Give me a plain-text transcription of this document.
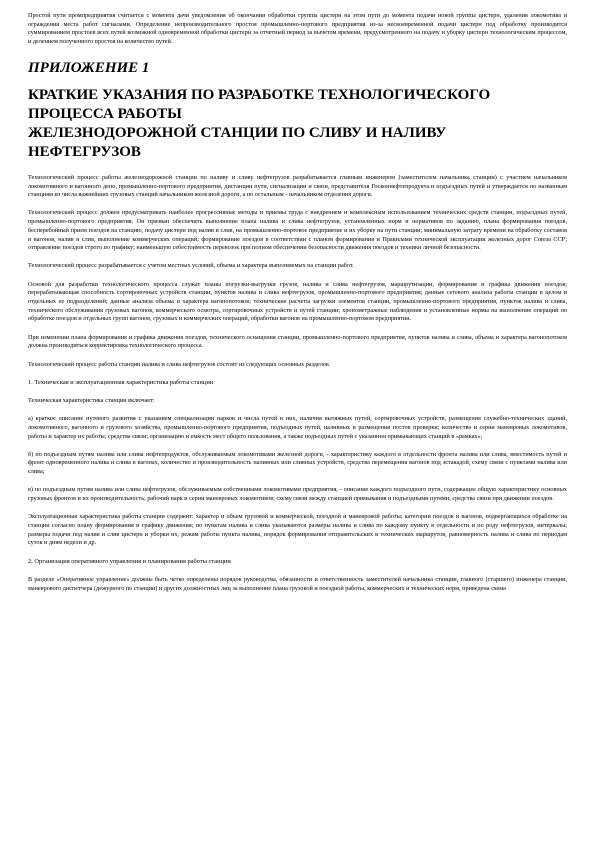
Простой пути промпредприятия считается с момента дачи уведомления об окончании обработки группы цистерн на этом пути до момента подачи новой группы цистерн, удаления локомотива и ограждения места работ сигналами. Определение непроизводительного простоя промышленно-портового предприятия из-за несвоевременной подачи цистерн под обработку производится суммированием простоев всех путей возможной одновременной обработки цистерн за отчетный период за вычетом времени, предусмотренного на подачу и уборку цистерн технологическим процессом, и делением полученного простоя на количество путей.

ПРИЛОЖЕНИЕ 1
КРАТКИЕ УКАЗАНИЯ ПО РАЗРАБОТКЕ ТЕХНОЛОГИЧЕСКОГО
ПРОЦЕССА РАБОТЫ
ЖЕЛЕЗНОДОРОЖНОЙ СТАНЦИИ ПО СЛИВУ И НАЛИВУ
НЕФТЕГРУЗОВ

Технологический процесс работы железнодорожной станции по наливу и сливу нефтегрузов разрабатывается главным инженером (заместителем начальника станции) с участием начальников локомотивного и вагонного депо, промышленно-портового предприятия, дистанции пути, сигнализации и связи, представителя Госконнефтепродукта и подъездных путей и утверждается по названным станциям из числа важнейших грузовых станций начальником железной дороги, а по остальным - начальником отделения дороги.

Технологический процесс должен предусматривать наиболее прогрессивные методы и приемы труда с внедрением и комплексным использованием технических средств станции, подъездных путей, промышленно-портового предприятия. Он призван обеспечить выполнение плана налива и слива нефтегрузов, установленных норм и нормативов по заданию, плана формирования поездов, бесперебойный прием поездов на станцию, подачу цистерн под налив и слив, на промышленно-портовое предприятие и их уборку на пути станции; минимальную затрату времени на обработку составов и вагонов, налив и слив, выполнение коммерческих операций; формирование поездов в соответствии с планом формирования и Правилами технической эксплуатации железных дорог Союза ССР; отправление поездов строго по графику; наименьшую себестоимость перевозок при полном обеспечении безопасности движения поездов и техники личной безопасности.

Технологический процесс разрабатывается с учетом местных условий, объема и характера выполняемых на станции работ.

Основой для разработки технологического процесса служат планы погрузки-выгрузки грузов, налива и слива нефтегрузов, маршрутизации, формирования и графика движения поездов; перерабатывающая способность сортировочных устройств станции, пунктов налива и слива нефтегрузов, промышленно-портового предприятия; данные сетевого анализа работы станции в целом и отдельных ее подразделений; данные анализа объема и характера вагонопотоков; технические расчеты загрузки элементов станции, промышленно-портового предприятия, пунктов налива и слива, технического обслуживания грузовых вагонов, коммерческого осмотра, сортировочных устройств и путей станции; хронометражные наблюдения и установленные нормы на выполнение операций по обработке поездов и отдельных групп вагонов, грузовых и коммерческих операций, обработки вагонов на промышленно-портовом предприятии.

При изменении плана формирования и графика движения поездов, технического оснащения станции, промышленно-портового предприятия, пунктов налива и слива, объема и характера вагонопотоков должна производиться корректировка технологического процесса.

Технологический процесс работы станции налива и слива нефтегрузов состоит из следующих основных разделов.

1. Техническая и эксплуатационная характеристика работы станции
Техническая характеристика станции включает:

а) краткое описание путевого развития с указанием специализации парков и числа путей в них, наличия вытяжных путей, сортировочных устройств, размещения служебно-технических зданий, локомотивного, вагонного и грузового хозяйства, промышленно-портового предприятия, подъездных путей, наливных и размещения постов проверки; количества и серии маневровых локомотивов, работы и характер их работы; средства связи; организацию и емкость мест общего пользования, а также подъездных путей с указанием примыкающих станций в «рамках»;

б) по подъездным путям налива или слива нефтепродуктов, обслуживаемым локомотивами железной дороги, - характеристику каждого в отдельности фронта налива или слива, вместимость путей и фронт одновременного налива и слива в вагонах, количество и производительность наливных или сливных устройств, средства перемещения вагонов под эстакадой, схему связи с пунктами налива или слива;

в) по подъездным путям налива или слива нефтегрузов, обслуживаемым собственными локомотивами предприятия, - описание каждого подъездного пути, содержащее общую характеристику основных грузовых фронтов и их производительность; рабочий парк и серии маневровых локомотивов; схему связи между станцией примыкания и подъездными путями; средства связи при движении поездов.

Эксплуатационная характеристика работы станции содержит: характер и объем грузовой и коммерческой, поездной и маневровой работы; категории поездов и вагонов, подвергающихся обработке на станции согласно плану формирования и графику движения; по пунктам налива и слива указываются размеры налива и слива по каждому пункту в отдельности и по роду нефтегрузов, интервалы; размеры подачи под налив и слив цистерн и уборки их, режим работы пункта налива, порядок формирования отправительских и технических маршрутов, равномерность налива и слива по периодам суток и дням недели и др.

2. Организация оперативного управления и планирования работы станции

В разделе «Оперативное управление» должны быть четко определены порядок руководства, обязанности и ответственность заместителей начальника станции, главного (старшего) инженера станции, маневрового диспетчера (дежурного по станции) и других должностных лиц за выполнение плана грузовой и поездной работы, коммерческих и технических норм, приведена схема
